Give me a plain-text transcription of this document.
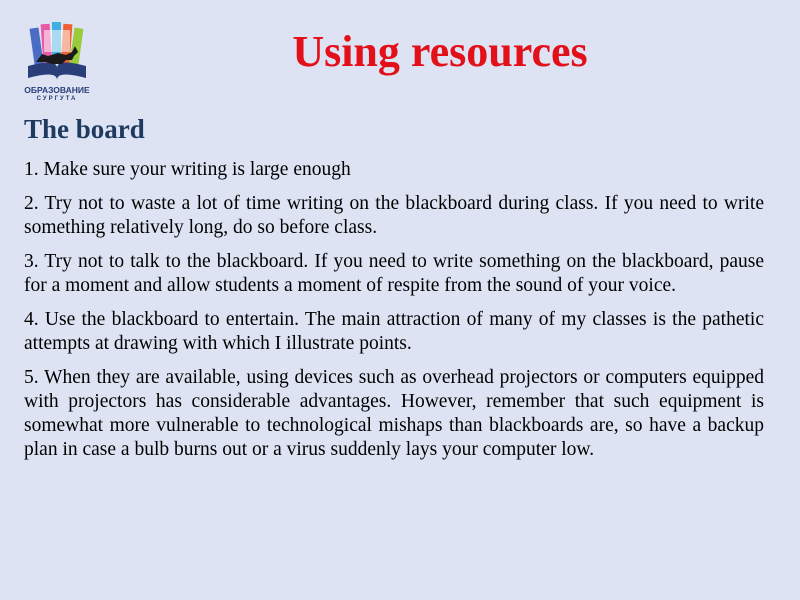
ОБРАЗОВАНИЕ
СУРГУТА
Using resources
The board
1. Make sure your writing is large enough
2. Try not to waste a lot of time writing on the blackboard during class. If you need to write something relatively long, do so before class.
3. Try not to talk to the blackboard. If you need to write something on the blackboard, pause for a moment and allow students a moment of respite from the sound of your voice.
4. Use the blackboard to entertain. The main attraction of many of my classes is the pathetic attempts at drawing with which I illustrate points.
5. When they are available, using devices such as overhead projectors or computers equipped with projectors has considerable advantages. However, remember that such equipment is somewhat more vulnerable to technological mishaps than blackboards are, so have a backup plan in case a bulb burns out or a virus suddenly lays your computer low.
